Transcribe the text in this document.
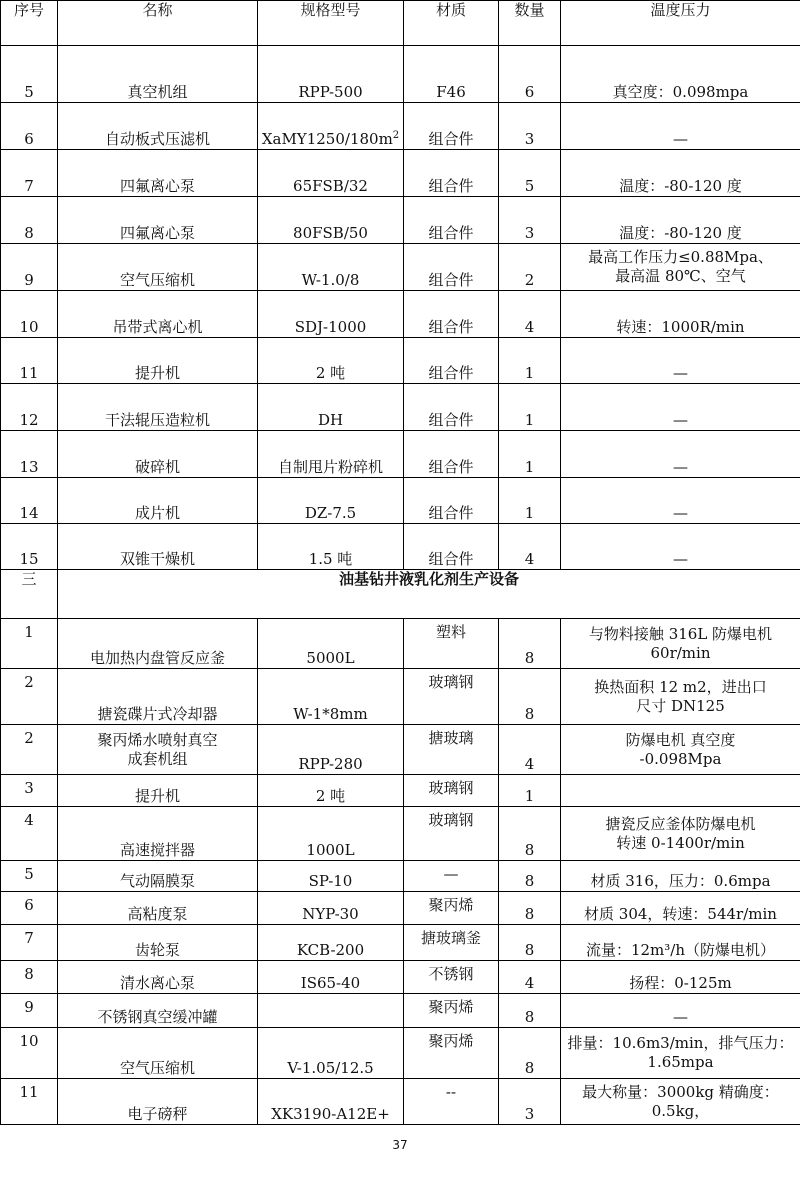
序号	名称	规格型号	材质	数量	温度压力
5	真空机组	RPP-500	F46	6	真空度：0.098mpa
6	自动板式压滤机	$XaMY1250/180m^2$	组合件	3	—
7	四氟离心泵	65FSB/32	组合件	5	温度：-80-120 度
8	四氟离心泵	80FSB/50	组合件	3	温度：-80-120 度
9	空气压缩机	W-1.0/8	组合件	2	最高工作压力≤0.88Mpa、
最高温 80℃、空气

10	吊带式离心机	SDJ-1000	组合件	4	转速：1000R/min
11	提升机	2 吨	组合件	1	—
12	干法辊压造粒机	DH	组合件	1	—
13	破碎机	自制甩片粉碎机	组合件	1	—
14	成片机	DZ-7.5	组合件	1	—
15	双锥干燥机	1.5 吨	组合件	4	—
三	油基钻井液乳化剂生产设备				
1	电加热内盘管反应釜	5000L	塑料	8	与物料接触 316L 防爆电机
60r/min

2	搪瓷碟片式冷却器	W-1*8mm	玻璃钢	8	换热面积 12 m2，进出口
尺寸 DN125

2	聚丙烯水喷射真空
成套机组	RPP-280	搪玻璃	4	防爆电机 真空度
-0.098Mpa

3	提升机	2 吨	玻璃钢	1	
4	高速搅拌器	1000L	玻璃钢	8	搪瓷反应釜体防爆电机
转速 0-1400r/min

5	气动隔膜泵	SP-10	—	8	材质 316，压力：0.6mpa
6	高粘度泵	NYP-30	聚丙烯	8	材质 304，转速：544r/min
7	齿轮泵	KCB-200	搪玻璃釜	8	流量：12m³/h（防爆电机）
8	清水离心泵	IS65-40	不锈钢	4	扬程：0-125m
9	不锈钢真空缓冲罐		聚丙烯	8	—
10	空气压缩机	V-1.05/12.5	聚丙烯	8	排量：10.6m3/min，排气压力：
1.65mpa

11	电子磅秤	XK3190-A12E+	--	3	最大称量：3000kg 精确度：
0.5kg，
37
